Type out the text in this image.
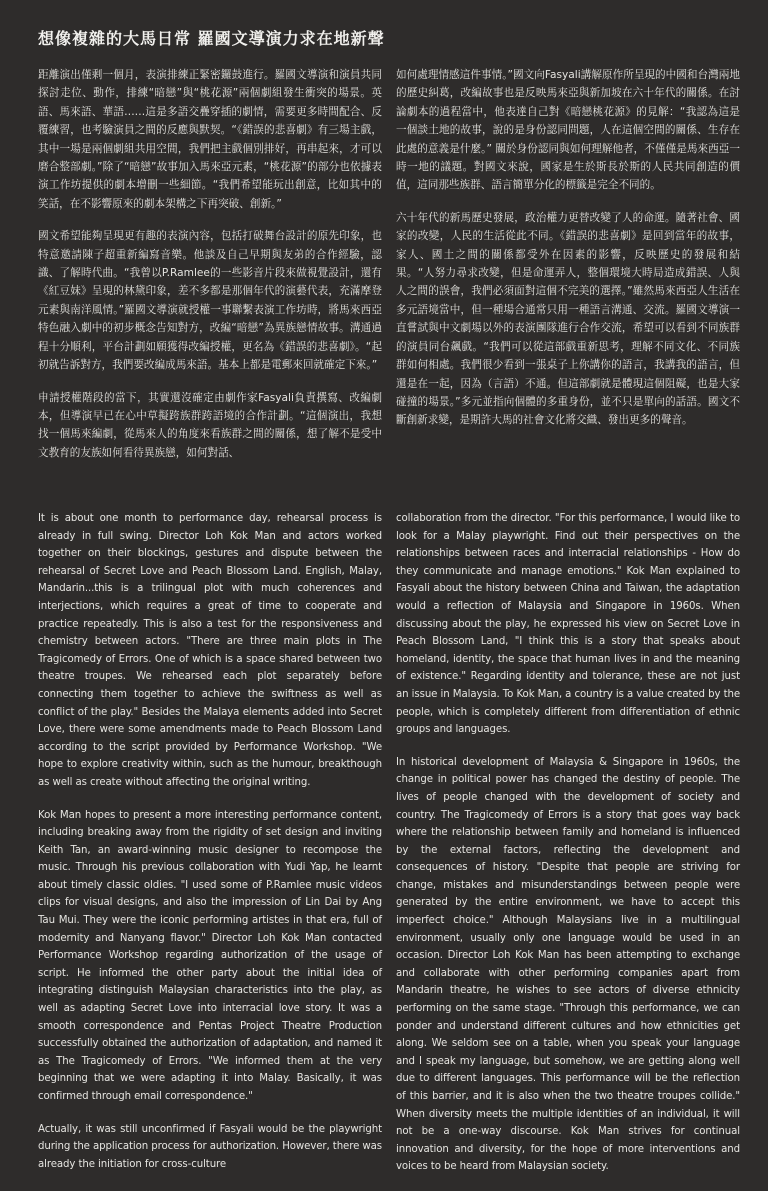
想像複雜的大馬日常 羅國文導演力求在地新聲

距離演出僅剩一個月，表演排練正緊密鑼鼓進行。羅國文導演和演員共同探討走位、動作，排練“暗戀”與“桃花源”兩個劇組發生衝突的場景。英語、馬來語、華語……這是多語交疊穿插的劇情，需要更多時間配合、反覆練習，也考驗演員之間的反應與默契。“《錯誤的悲喜劇》有三場主戲，其中一場是兩個劇組共用空間，我們把主戲個別排好，再串起來，才可以磨合整部劇。”除了“暗戀”故事加入馬來亞元素，“桃花源”的部分也依據表演工作坊提供的劇本增刪一些細節。“我們希望能玩出創意，比如其中的笑話，在不影響原來的劇本架構之下再突破、創新。”

國文希望能夠呈現更有趣的表演內容，包括打破舞台設計的原先印象，也特意邀請陳子超重新編寫音樂。他談及自己早期與友弟的合作經驗，認識、了解時代曲。“我曾以P.Ramlee的一些影音片段來做視覺設計，還有《紅豆妹》呈現的林黛印象，差不多都是那個年代的演藝代表，充滿摩登元素與南洋風情。”羅國文導演就授權一事聯繫表演工作坊時，將馬來西亞特色融入劇中的初步概念告知對方，改編“暗戀”為異族戀情故事。溝通過程十分順利，平台計劃如願獲得改編授權，更名為《錯誤的悲喜劇》。“起初就告訴對方，我們要改編成馬來語。基本上都是電郵來回就確定下來。”

申請授權階段的當下，其實還沒確定由劇作家Fasyali負責撰寫、改編劇本，但導演早已在心中草擬跨族群跨語境的合作計劃。“這個演出，我想找一個馬來編劇，從馬來人的角度來看族群之間的關係，想了解不是受中文教育的友族如何看待異族戀，如何對話、

如何處理情感這件事情。”國文向Fasyali講解原作所呈現的中國和台灣兩地的歷史糾葛，改編故事也是反映馬來亞與新加坡在六十年代的關係。在討論劇本的過程當中，他表達自己對《暗戀桃花源》的見解：“我認為這是一個談土地的故事，說的是身份認同問題，人在這個空間的關係、生存在此處的意義是什麼。” 關於身份認同與如何理解他者，不僅僅是馬來西亞一時一地的議題。對國文來說，國家是生於斯長於斯的人民共同創造的價值，這同那些族群、語言簡單分化的標籤是完全不同的。

六十年代的新馬歷史發展，政治權力更替改變了人的命運。隨著社會、國家的改變，人民的生活從此不同。《錯誤的悲喜劇》是回到當年的故事，家人、國土之間的關係都受外在因素的影響，反映歷史的發展和結果。“人努力尋求改變，但是命運弄人，整個環境大時局造成錯誤、人與人之間的誤會，我們必須面對這個不完美的選擇。”雖然馬來西亞人生活在多元語境當中，但一種場合通常只用一種語言溝通、交流。羅國文導演一直嘗試與中文劇場以外的表演團隊進行合作交流，希望可以看到不同族群的演員同台飆戲。“我們可以從這部戲重新思考，理解不同文化、不同族群如何相處。我們很少看到一張桌子上你講你的語言，我講我的語言，但還是在一起，因為（言語）不通。但這部劇就是體現這個阻礙，也是大家碰撞的場景。”多元並指向個體的多重身份，並不只是單向的話語。國文不斷創新求變，是期許大馬的社會文化將交織、發出更多的聲音。

It is about one month to performance day, rehearsal process is already in full swing. Director Loh Kok Man and actors worked together on their blockings, gestures and dispute between the rehearsal of Secret Love and Peach Blossom Land. English, Malay, Mandarin...this is a trilingual plot with much coherences and interjections, which requires a great of time to cooperate and practice repeatedly. This is also a test for the responsiveness and chemistry between actors. "There are three main plots in The Tragicomedy of Errors. One of which is a space shared between two theatre troupes. We rehearsed each plot separately before connecting them together to achieve the swiftness as well as conflict of the play." Besides the Malaya elements added into Secret Love, there were some amendments made to Peach Blossom Land according to the script provided by Performance Workshop. "We hope to explore creativity within, such as the humour, breakthough as well as create without affecting the original writing.

Kok Man hopes to present a more interesting performance content, including breaking away from the rigidity of set design and inviting Keith Tan, an award-winning music designer to recompose the music. Through his previous collaboration with Yudi Yap, he learnt about timely classic oldies. "I used some of P.Ramlee music videos clips for visual designs, and also the impression of Lin Dai by Ang Tau Mui. They were the iconic performing artistes in that era, full of modernity and Nanyang flavor." Director Loh Kok Man contacted Performance Workshop regarding authorization of the usage of script. He informed the other party about the initial idea of integrating distinguish Malaysian characteristics into the play, as well as adapting Secret Love into interracial love story. It was a smooth correspondence and Pentas Project Theatre Production successfully obtained the authorization of adaptation, and named it as The Tragicomedy of Errors. "We informed them at the very beginning that we were adapting it into Malay. Basically, it was confirmed through email correspondence."

Actually, it was still unconfirmed if Fasyali would be the playwright during the application process for authorization. However, there was already the initiation for cross-culture

collaboration from the director. "For this performance, I would like to look for a Malay playwright. Find out their perspectives on the relationships between races and interracial relationships - How do they communicate and manage emotions." Kok Man explained to Fasyali about the history between China and Taiwan, the adaptation would a reflection of Malaysia and Singapore in 1960s. When discussing about the play, he expressed his view on Secret Love in Peach Blossom Land, "I think this is a story that speaks about homeland, identity, the space that human lives in and the meaning of existence." Regarding identity and tolerance, these are not just an issue in Malaysia. To Kok Man, a country is a value created by the people, which is completely different from differentiation of ethnic groups and languages.

In historical development of Malaysia & Singapore in 1960s, the change in political power has changed the destiny of people. The lives of people changed with the development of society and country. The Tragicomedy of Errors is a story that goes way back where the relationship between family and homeland is influenced by the external factors, reflecting the development and consequences of history. "Despite that people are striving for change, mistakes and misunderstandings between people were generated by the entire environment, we have to accept this imperfect choice." Although Malaysians live in a multilingual environment, usually only one language would be used in an occasion. Director Loh Kok Man has been attempting to exchange and collaborate with other performing companies apart from Mandarin theatre, he wishes to see actors of diverse ethnicity performing on the same stage. "Through this performance, we can ponder and understand different cultures and how ethnicities get along. We seldom see on a table, when you speak your language and I speak my language, but somehow, we are getting along well due to different languages. This performance will be the reflection of this barrier, and it is also when the two theatre troupes collide." When diversity meets the multiple identities of an individual, it will not be a one-way discourse. Kok Man strives for continual innovation and diversity, for the hope of more interventions and voices to be heard from Malaysian society.
